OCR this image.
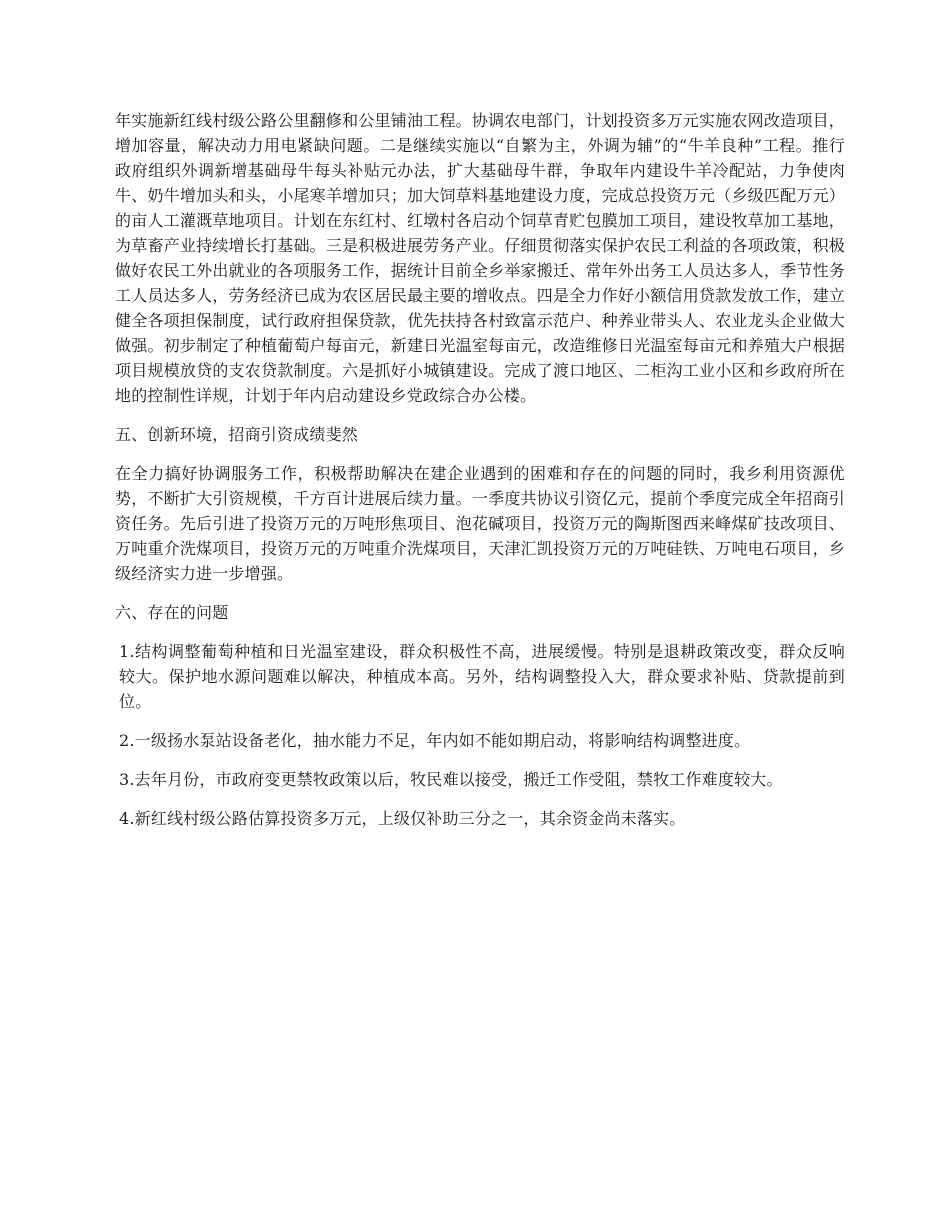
年实施新红线村级公路公里翻修和公里铺油工程。协调农电部门，计划投资多万元实施农网改造项目，增加容量，解决动力用电紧缺问题。二是继续实施以“自繁为主，外调为辅”的“牛羊良种”工程。推行政府组织外调新增基础母牛每头补贴元办法，扩大基础母牛群，争取年内建设牛羊冷配站，力争使肉牛、奶牛增加头和头，小尾寒羊增加只；加大饲草料基地建设力度，完成总投资万元（乡级匹配万元）的亩人工灌溉草地项目。计划在东红村、红墩村各启动个饲草青贮包膜加工项目，建设牧草加工基地，为草畜产业持续增长打基础。三是积极进展劳务产业。仔细贯彻落实保护农民工利益的各项政策，积极做好农民工外出就业的各项服务工作，据统计目前全乡举家搬迁、常年外出务工人员达多人，季节性务工人员达多人，劳务经济已成为农区居民最主要的增收点。四是全力作好小额信用贷款发放工作，建立健全各项担保制度，试行政府担保贷款，优先扶持各村致富示范户、种养业带头人、农业龙头企业做大做强。初步制定了种植葡萄户每亩元，新建日光温室每亩元，改造维修日光温室每亩元和养殖大户根据项目规模放贷的支农贷款制度。六是抓好小城镇建设。完成了渡口地区、二柜沟工业小区和乡政府所在地的控制性详规，计划于年内启动建设乡党政综合办公楼。

五、创新环境，招商引资成绩斐然

在全力搞好协调服务工作，积极帮助解决在建企业遇到的困难和存在的问题的同时，我乡利用资源优势，不断扩大引资规模，千方百计进展后续力量。一季度共协议引资亿元，提前个季度完成全年招商引资任务。先后引进了投资万元的万吨形焦项目、泡花碱项目，投资万元的陶斯图西来峰煤矿技改项目、万吨重介洗煤项目，投资万元的万吨重介洗煤项目，天津汇凯投资万元的万吨硅铁、万吨电石项目，乡级经济实力进一步增强。

六、存在的问题

1.结构调整葡萄种植和日光温室建设，群众积极性不高，进展缓慢。特别是退耕政策改变，群众反响较大。保护地水源问题难以解决，种植成本高。另外，结构调整投入大，群众要求补贴、贷款提前到位。

2.一级扬水泵站设备老化，抽水能力不足，年内如不能如期启动，将影响结构调整进度。

3.去年月份，市政府变更禁牧政策以后，牧民难以接受，搬迁工作受阻，禁牧工作难度较大。

4.新红线村级公路估算投资多万元，上级仅补助三分之一，其余资金尚未落实。
